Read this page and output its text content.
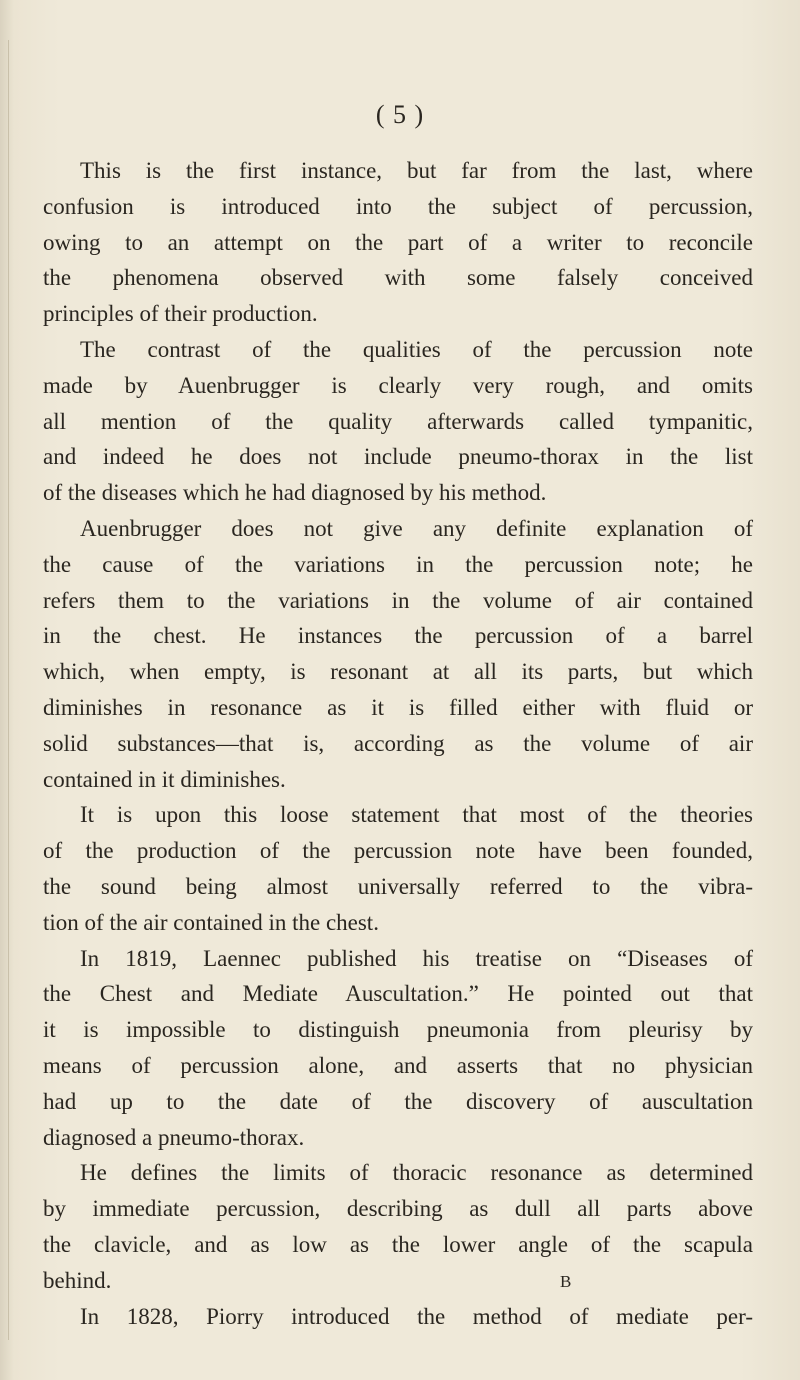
( 5 )
This is the first instance, but far from the last, where
confusion is introduced into the subject of percussion,
owing to an attempt on the part of a writer to reconcile
the phenomena observed with some falsely conceived
principles of their production.
The contrast of the qualities of the percussion note
made by Auenbrugger is clearly very rough, and omits
all mention of the quality afterwards called tympanitic,
and indeed he does not include pneumo-thorax in the list
of the diseases which he had diagnosed by his method.
Auenbrugger does not give any definite explanation of
the cause of the variations in the percussion note; he
refers them to the variations in the volume of air contained
in the chest. He instances the percussion of a barrel
which, when empty, is resonant at all its parts, but which
diminishes in resonance as it is filled either with fluid or
solid substances—that is, according as the volume of air
contained in it diminishes.
It is upon this loose statement that most of the theories
of the production of the percussion note have been founded,
the sound being almost universally referred to the vibra-
tion of the air contained in the chest.
In 1819, Laennec published his treatise on “Diseases of
the Chest and Mediate Auscultation.” He pointed out that
it is impossible to distinguish pneumonia from pleurisy by
means of percussion alone, and asserts that no physician
had up to the date of the discovery of auscultation
diagnosed a pneumo-thorax.
He defines the limits of thoracic resonance as determined
by immediate percussion, describing as dull all parts above
the clavicle, and as low as the lower angle of the scapula
behind.
In 1828, Piorry introduced the method of mediate per-
B
